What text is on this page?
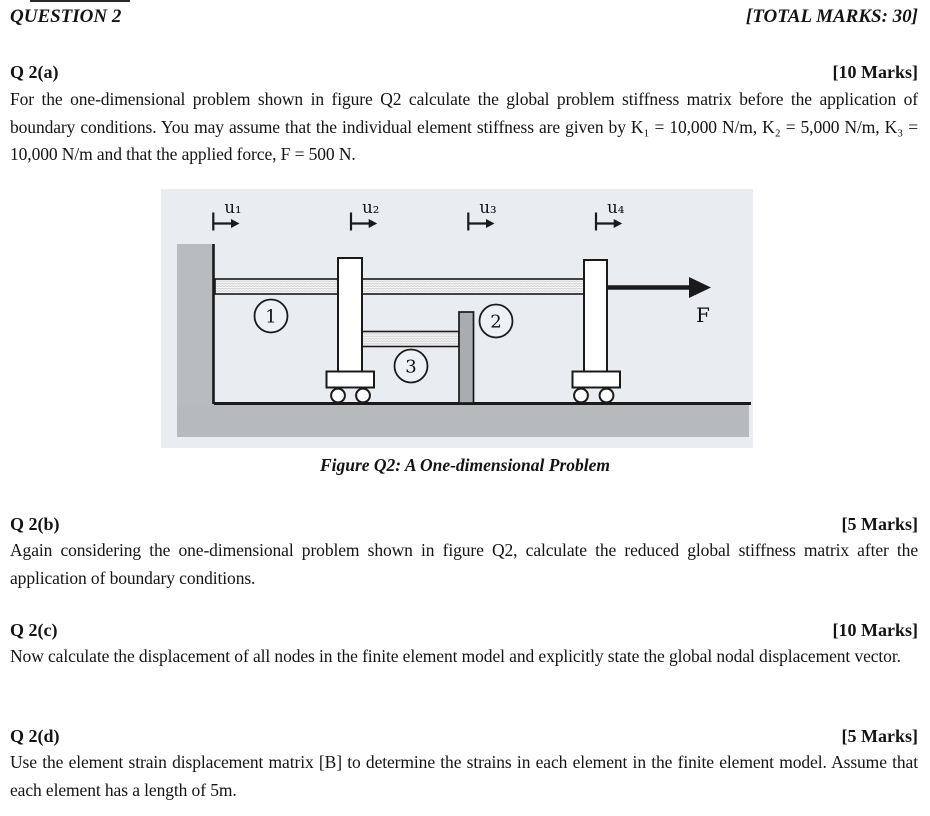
QUESTION 2	[TOTAL MARKS: 30]
Q 2(a)	[10 Marks]
For the one-dimensional problem shown in figure Q2 calculate the global problem stiffness matrix before the application of boundary conditions. You may assume that the individual element stiffness are given by K₁ = 10,000 N/m, K₂ = 5,000 N/m, K₃ = 10,000 N/m and that the applied force, F = 500 N.
F
u₁	u₂	u₃	u₄
1	2
3
Figure Q2: A One-dimensional Problem
Q 2(b)	[5 Marks]
Again considering the one-dimensional problem shown in figure Q2, calculate the reduced global stiffness matrix after the application of boundary conditions.
Q 2(c)	[10 Marks]
Now calculate the displacement of all nodes in the finite element model and explicitly state the global nodal displacement vector.
Q 2(d)	[5 Marks]
Use the element strain displacement matrix [B] to determine the strains in each element in the finite element model. Assume that each element has a length of 5m.
